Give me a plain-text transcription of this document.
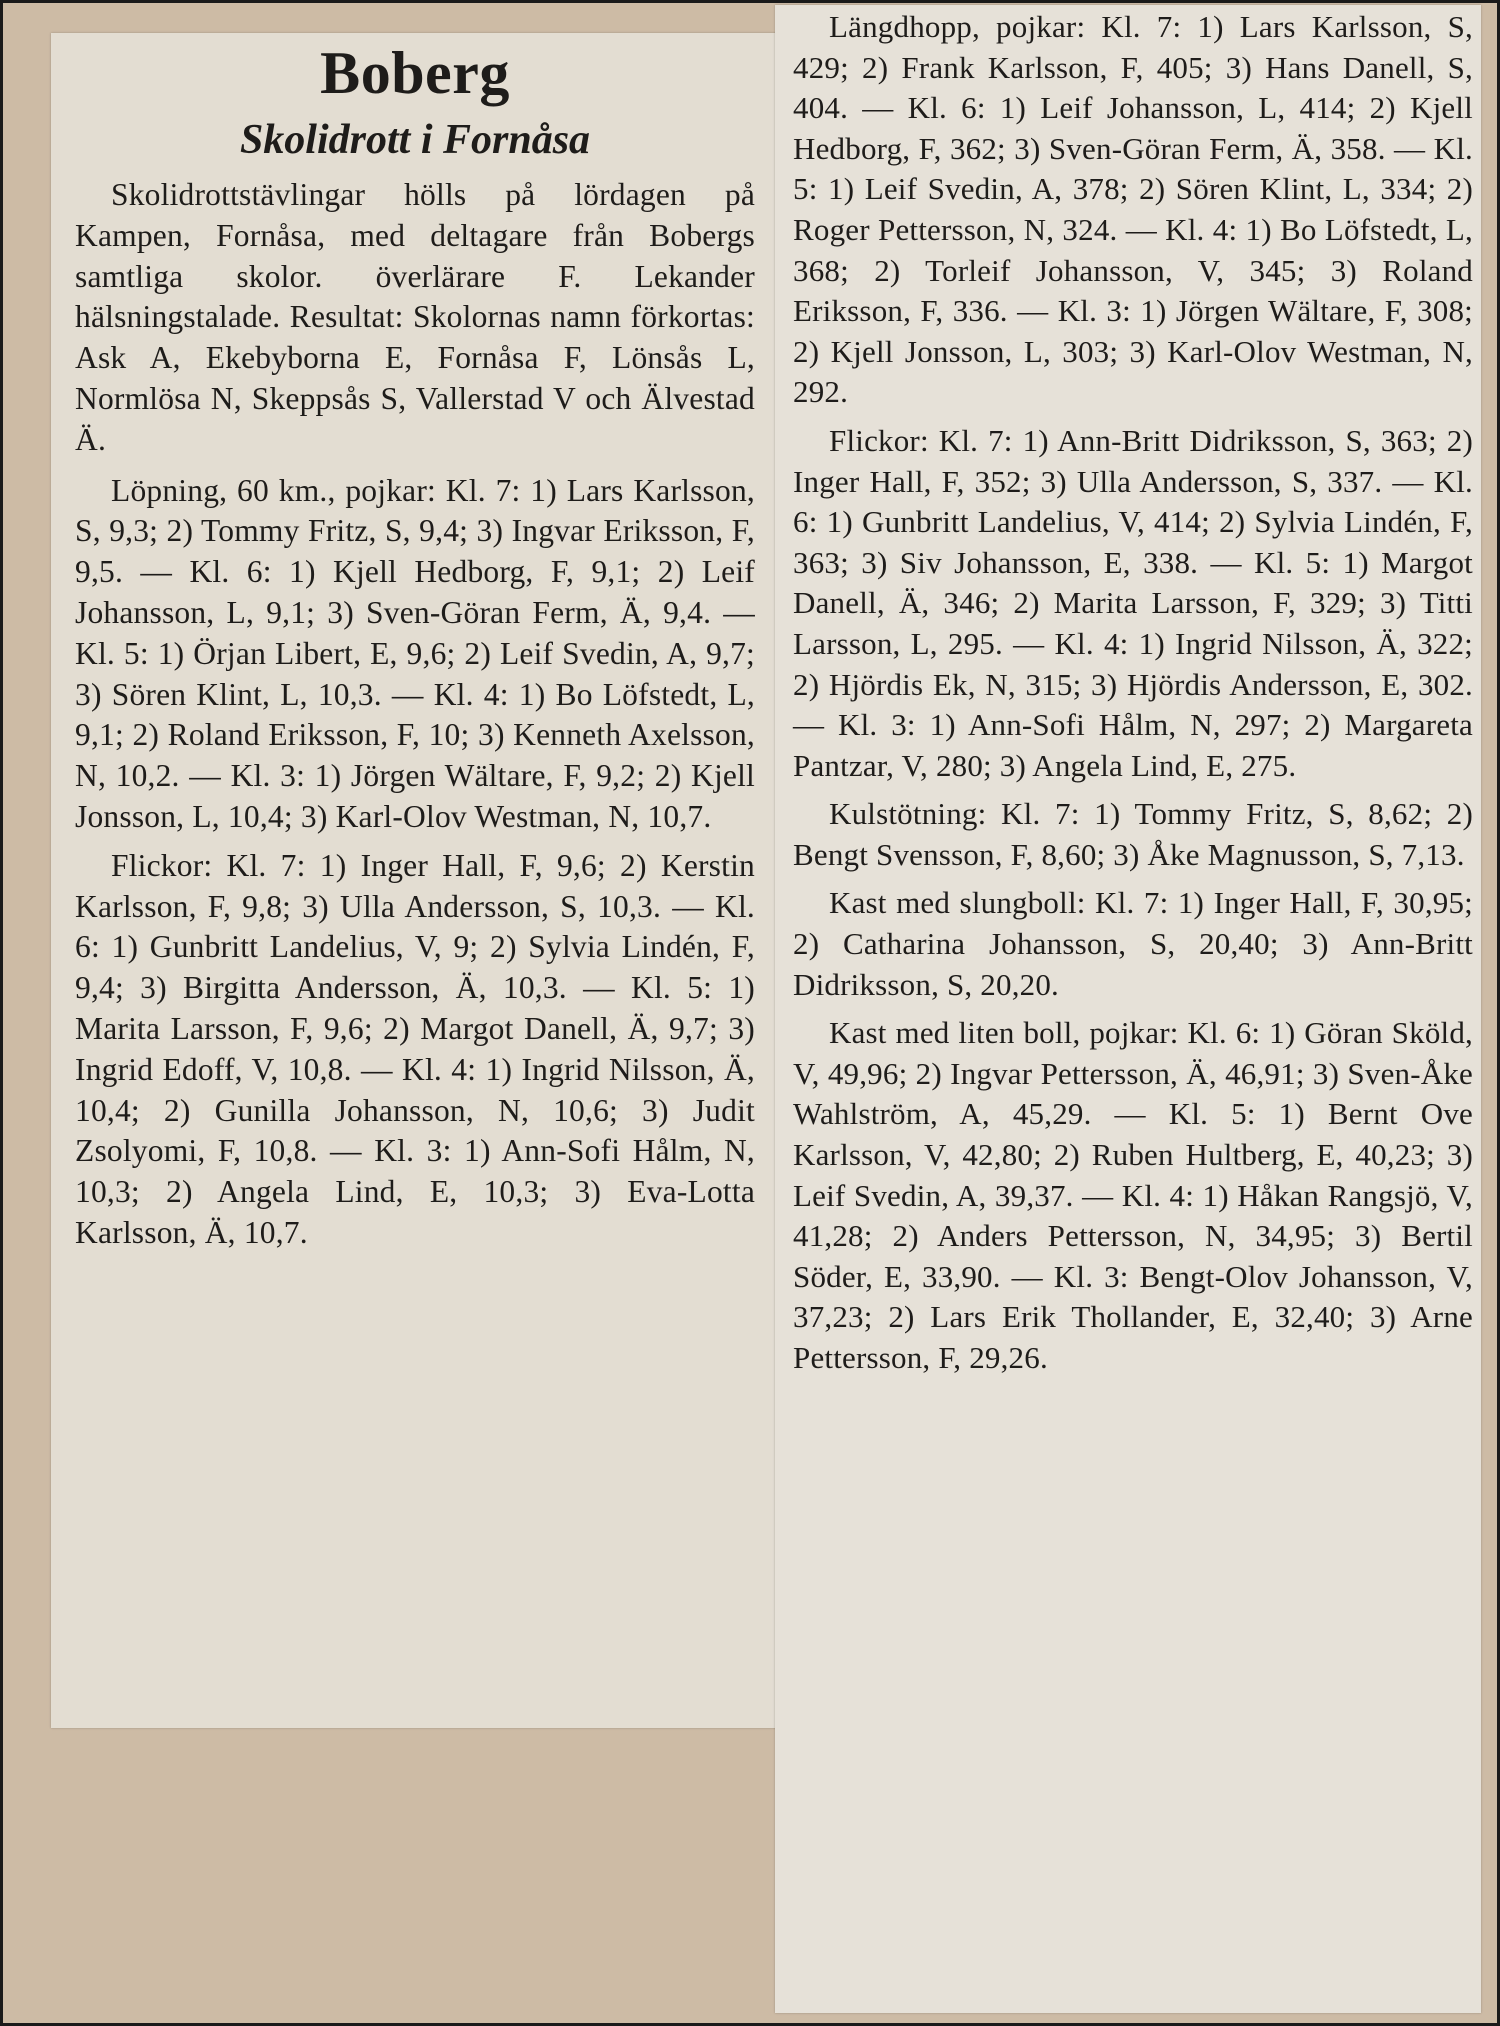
Boberg
Skolidrott i Fornåsa

Skolidrottstävlingar hölls på lördagen på Kampen, Fornåsa, med deltagare från Bobergs samtliga skolor. överlärare F. Lekander hälsningstalade. Resultat: Skolornas namn förkortas: Ask A, Ekebyborna E, Fornåsa F, Lönsås L, Normlösa N, Skeppsås S, Vallerstad V och Älvestad Ä.

Löpning, 60 km., pojkar: Kl. 7: 1) Lars Karlsson, S, 9,3; 2) Tommy Fritz, S, 9,4; 3) Ingvar Eriksson, F, 9,5. — Kl. 6: 1) Kjell Hedborg, F, 9,1; 2) Leif Johansson, L, 9,1; 3) Sven-Göran Ferm, Ä, 9,4. — Kl. 5: 1) Örjan Libert, E, 9,6; 2) Leif Svedin, A, 9,7; 3) Sören Klint, L, 10,3. — Kl. 4: 1) Bo Löfstedt, L, 9,1; 2) Roland Eriksson, F, 10; 3) Kenneth Axelsson, N, 10,2. — Kl. 3: 1) Jörgen Wältare, F, 9,2; 2) Kjell Jonsson, L, 10,4; 3) Karl-Olov Westman, N, 10,7.

Flickor: Kl. 7: 1) Inger Hall, F, 9,6; 2) Kerstin Karlsson, F, 9,8; 3) Ulla Andersson, S, 10,3. — Kl. 6: 1) Gunbritt Landelius, V, 9; 2) Sylvia Lindén, F, 9,4; 3) Birgitta Andersson, Ä, 10,3. — Kl. 5: 1) Marita Larsson, F, 9,6; 2) Margot Danell, Ä, 9,7; 3) Ingrid Edoff, V, 10,8. — Kl. 4: 1) Ingrid Nilsson, Ä, 10,4; 2) Gunilla Johansson, N, 10,6; 3) Judit Zsolyomi, F, 10,8. — Kl. 3: 1) Ann-Sofi Hålm, N, 10,3; 2) Angela Lind, E, 10,3; 3) Eva-Lotta Karlsson, Ä, 10,7.

Längdhopp, pojkar: Kl. 7: 1) Lars Karlsson, S, 429; 2) Frank Karlsson, F, 405; 3) Hans Danell, S, 404. — Kl. 6: 1) Leif Johansson, L, 414; 2) Kjell Hedborg, F, 362; 3) Sven-Göran Ferm, Ä, 358. — Kl. 5: 1) Leif Svedin, A, 378; 2) Sören Klint, L, 334; 2) Roger Pettersson, N, 324. — Kl. 4: 1) Bo Löfstedt, L, 368; 2) Torleif Johansson, V, 345; 3) Roland Eriksson, F, 336. — Kl. 3: 1) Jörgen Wältare, F, 308; 2) Kjell Jonsson, L, 303; 3) Karl-Olov Westman, N, 292.

Flickor: Kl. 7: 1) Ann-Britt Didriksson, S, 363; 2) Inger Hall, F, 352; 3) Ulla Andersson, S, 337. — Kl. 6: 1) Gunbritt Landelius, V, 414; 2) Sylvia Lindén, F, 363; 3) Siv Johansson, E, 338. — Kl. 5: 1) Margot Danell, Ä, 346; 2) Marita Larsson, F, 329; 3) Titti Larsson, L, 295. — Kl. 4: 1) Ingrid Nilsson, Ä, 322; 2) Hjördis Ek, N, 315; 3) Hjördis Andersson, E, 302. — Kl. 3: 1) Ann-Sofi Hålm, N, 297; 2) Margareta Pantzar, V, 280; 3) Angela Lind, E, 275.

Kulstötning: Kl. 7: 1) Tommy Fritz, S, 8,62; 2) Bengt Svensson, F, 8,60; 3) Åke Magnusson, S, 7,13.

Kast med slungboll: Kl. 7: 1) Inger Hall, F, 30,95; 2) Catharina Johansson, S, 20,40; 3) Ann-Britt Didriksson, S, 20,20.

Kast med liten boll, pojkar: Kl. 6: 1) Göran Sköld, V, 49,96; 2) Ingvar Pettersson, Ä, 46,91; 3) Sven-Åke Wahlström, A, 45,29. — Kl. 5: 1) Bernt Ove Karlsson, V, 42,80; 2) Ruben Hultberg, E, 40,23; 3) Leif Svedin, A, 39,37. — Kl. 4: 1) Håkan Rangsjö, V, 41,28; 2) Anders Pettersson, N, 34,95; 3) Bertil Söder, E, 33,90. — Kl. 3: Bengt-Olov Johansson, V, 37,23; 2) Lars Erik Thollander, E, 32,40; 3) Arne Pettersson, F, 29,26.
